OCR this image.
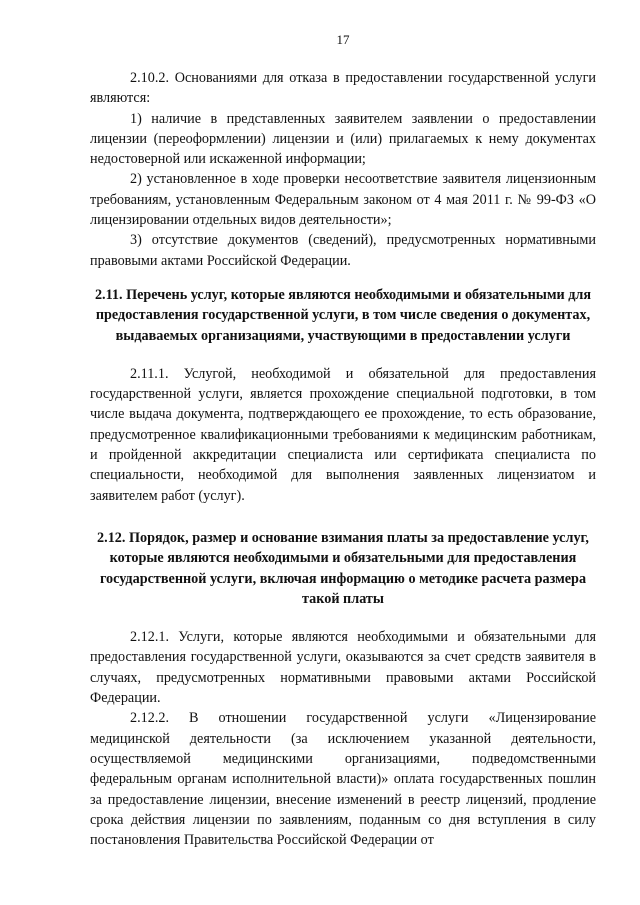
17

2.10.2. Основаниями для отказа в предоставлении государственной услуги являются:

1) наличие в представленных заявителем заявлении о предоставлении лицензии (переоформлении) лицензии и (или) прилагаемых к нему документах недостоверной или искаженной информации;

2) установленное в ходе проверки несоответствие заявителя лицензионным требованиям, установленным Федеральным законом от 4 мая 2011 г. № 99-ФЗ «О лицензировании отдельных видов деятельности»;

3) отсутствие документов (сведений), предусмотренных нормативными правовыми актами Российской Федерации.

2.11. Перечень услуг, которые являются необходимыми и обязательными для предоставления государственной услуги, в том числе сведения о документах, выдаваемых организациями, участвующими в предоставлении услуги

2.11.1. Услугой, необходимой и обязательной для предоставления государственной услуги, является прохождение специальной подготовки, в том числе выдача документа, подтверждающего ее прохождение, то есть образование, предусмотренное квалификационными требованиями к медицинским работникам, и пройденной аккредитации специалиста или сертификата специалиста по специальности, необходимой для выполнения заявленных лицензиатом и заявителем работ (услуг).

2.12. Порядок, размер и основание взимания платы за предоставление услуг, которые являются необходимыми и обязательными для предоставления государственной услуги, включая информацию о методике расчета размера такой платы

2.12.1. Услуги, которые являются необходимыми и обязательными для предоставления государственной услуги, оказываются за счет средств заявителя в случаях, предусмотренных нормативными правовыми актами Российской Федерации.

2.12.2. В отношении государственной услуги «Лицензирование медицинской деятельности (за исключением указанной деятельности, осуществляемой медицинскими организациями, подведомственными федеральным органам исполнительной власти)» оплата государственных пошлин за предоставление лицензии, внесение изменений в реестр лицензий, продление срока действия лицензии по заявлениям, поданным со дня вступления в силу постановления Правительства Российской Федерации от
